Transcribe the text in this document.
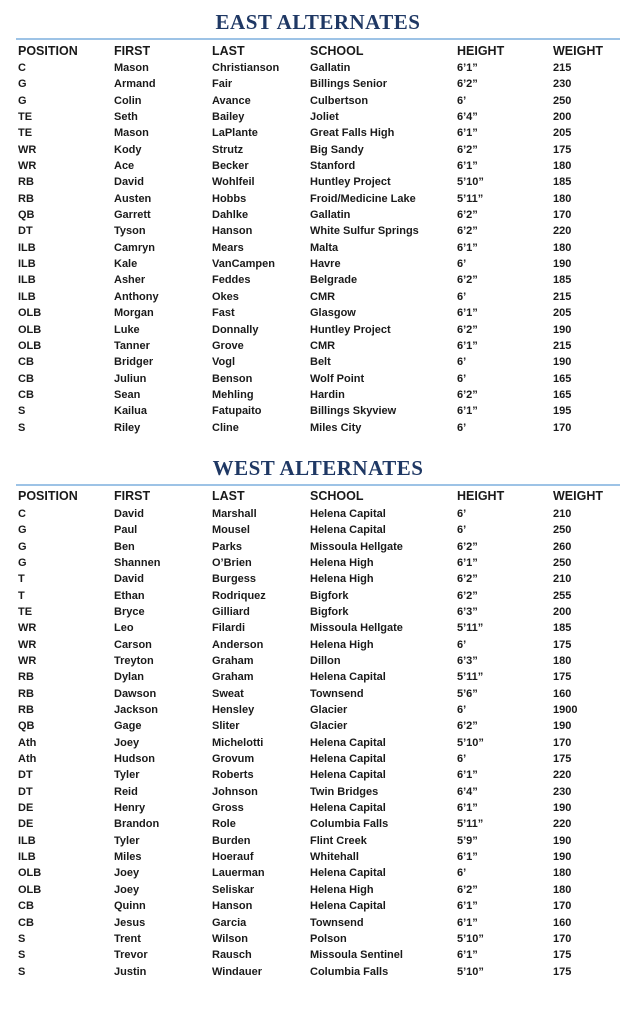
EAST ALTERNATES
POSITION	FIRST	LAST	SCHOOL	HEIGHT	WEIGHT
C	Mason	Christianson	Gallatin	6’1”	215
G	Armand	Fair	Billings Senior	6’2”	230
G	Colin	Avance	Culbertson	6’	250
TE	Seth	Bailey	Joliet	6’4”	200
TE	Mason	LaPlante	Great Falls High	6’1”	205
WR	Kody	Strutz	Big Sandy	6’2”	175
WR	Ace	Becker	Stanford	6’1”	180
RB	David	Wohlfeil	Huntley Project	5’10”	185
RB	Austen	Hobbs	Froid/Medicine Lake	5’11”	180
QB	Garrett	Dahlke	Gallatin	6’2”	170
DT	Tyson	Hanson	White Sulfur Springs	6’2”	220
ILB	Camryn	Mears	Malta	6’1”	180
ILB	Kale	VanCampen	Havre	6’	190
ILB	Asher	Feddes	Belgrade	6’2”	185
ILB	Anthony	Okes	CMR	6’	215
OLB	Morgan	Fast	Glasgow	6’1”	205
OLB	Luke	Donnally	Huntley Project	6’2”	190
OLB	Tanner	Grove	CMR	6’1”	215
CB	Bridger	Vogl	Belt	6’	190
CB	Juliun	Benson	Wolf Point	6’	165
CB	Sean	Mehling	Hardin	6’2”	165
S	Kailua	Fatupaito	Billings Skyview	6’1”	195
S	Riley	Cline	Miles City	6’	170
WEST ALTERNATES
POSITION	FIRST	LAST	SCHOOL	HEIGHT	WEIGHT
C	David	Marshall	Helena Capital	6’	210
G	Paul	Mousel	Helena Capital	6’	250
G	Ben	Parks	Missoula Hellgate	6’2”	260
G	Shannen	O’Brien	Helena High	6’1”	250
T	David	Burgess	Helena High	6’2”	210
T	Ethan	Rodriquez	Bigfork	6’2”	255
TE	Bryce	Gilliard	Bigfork	6’3”	200
WR	Leo	Filardi	Missoula Hellgate	5’11”	185
WR	Carson	Anderson	Helena High	6’	175
WR	Treyton	Graham	Dillon	6’3”	180
RB	Dylan	Graham	Helena Capital	5’11”	175
RB	Dawson	Sweat	Townsend	5’6”	160
RB	Jackson	Hensley	Glacier	6’	1900
QB	Gage	Sliter	Glacier	6’2”	190
Ath	Joey	Michelotti	Helena Capital	5’10”	170
Ath	Hudson	Grovum	Helena Capital	6’	175
DT	Tyler	Roberts	Helena Capital	6’1”	220
DT	Reid	Johnson	Twin Bridges	6’4”	230
DE	Henry	Gross	Helena Capital	6’1”	190
DE	Brandon	Role	Columbia Falls	5’11”	220
ILB	Tyler	Burden	Flint Creek	5’9”	190
ILB	Miles	Hoerauf	Whitehall	6’1”	190
OLB	Joey	Lauerman	Helena Capital	6’	180
OLB	Joey	Seliskar	Helena High	6’2”	180
CB	Quinn	Hanson	Helena Capital	6’1”	170
CB	Jesus	Garcia	Townsend	6’1”	160
S	Trent	Wilson	Polson	5’10”	170
S	Trevor	Rausch	Missoula Sentinel	6’1”	175
S	Justin	Windauer	Columbia Falls	5’10”	175
